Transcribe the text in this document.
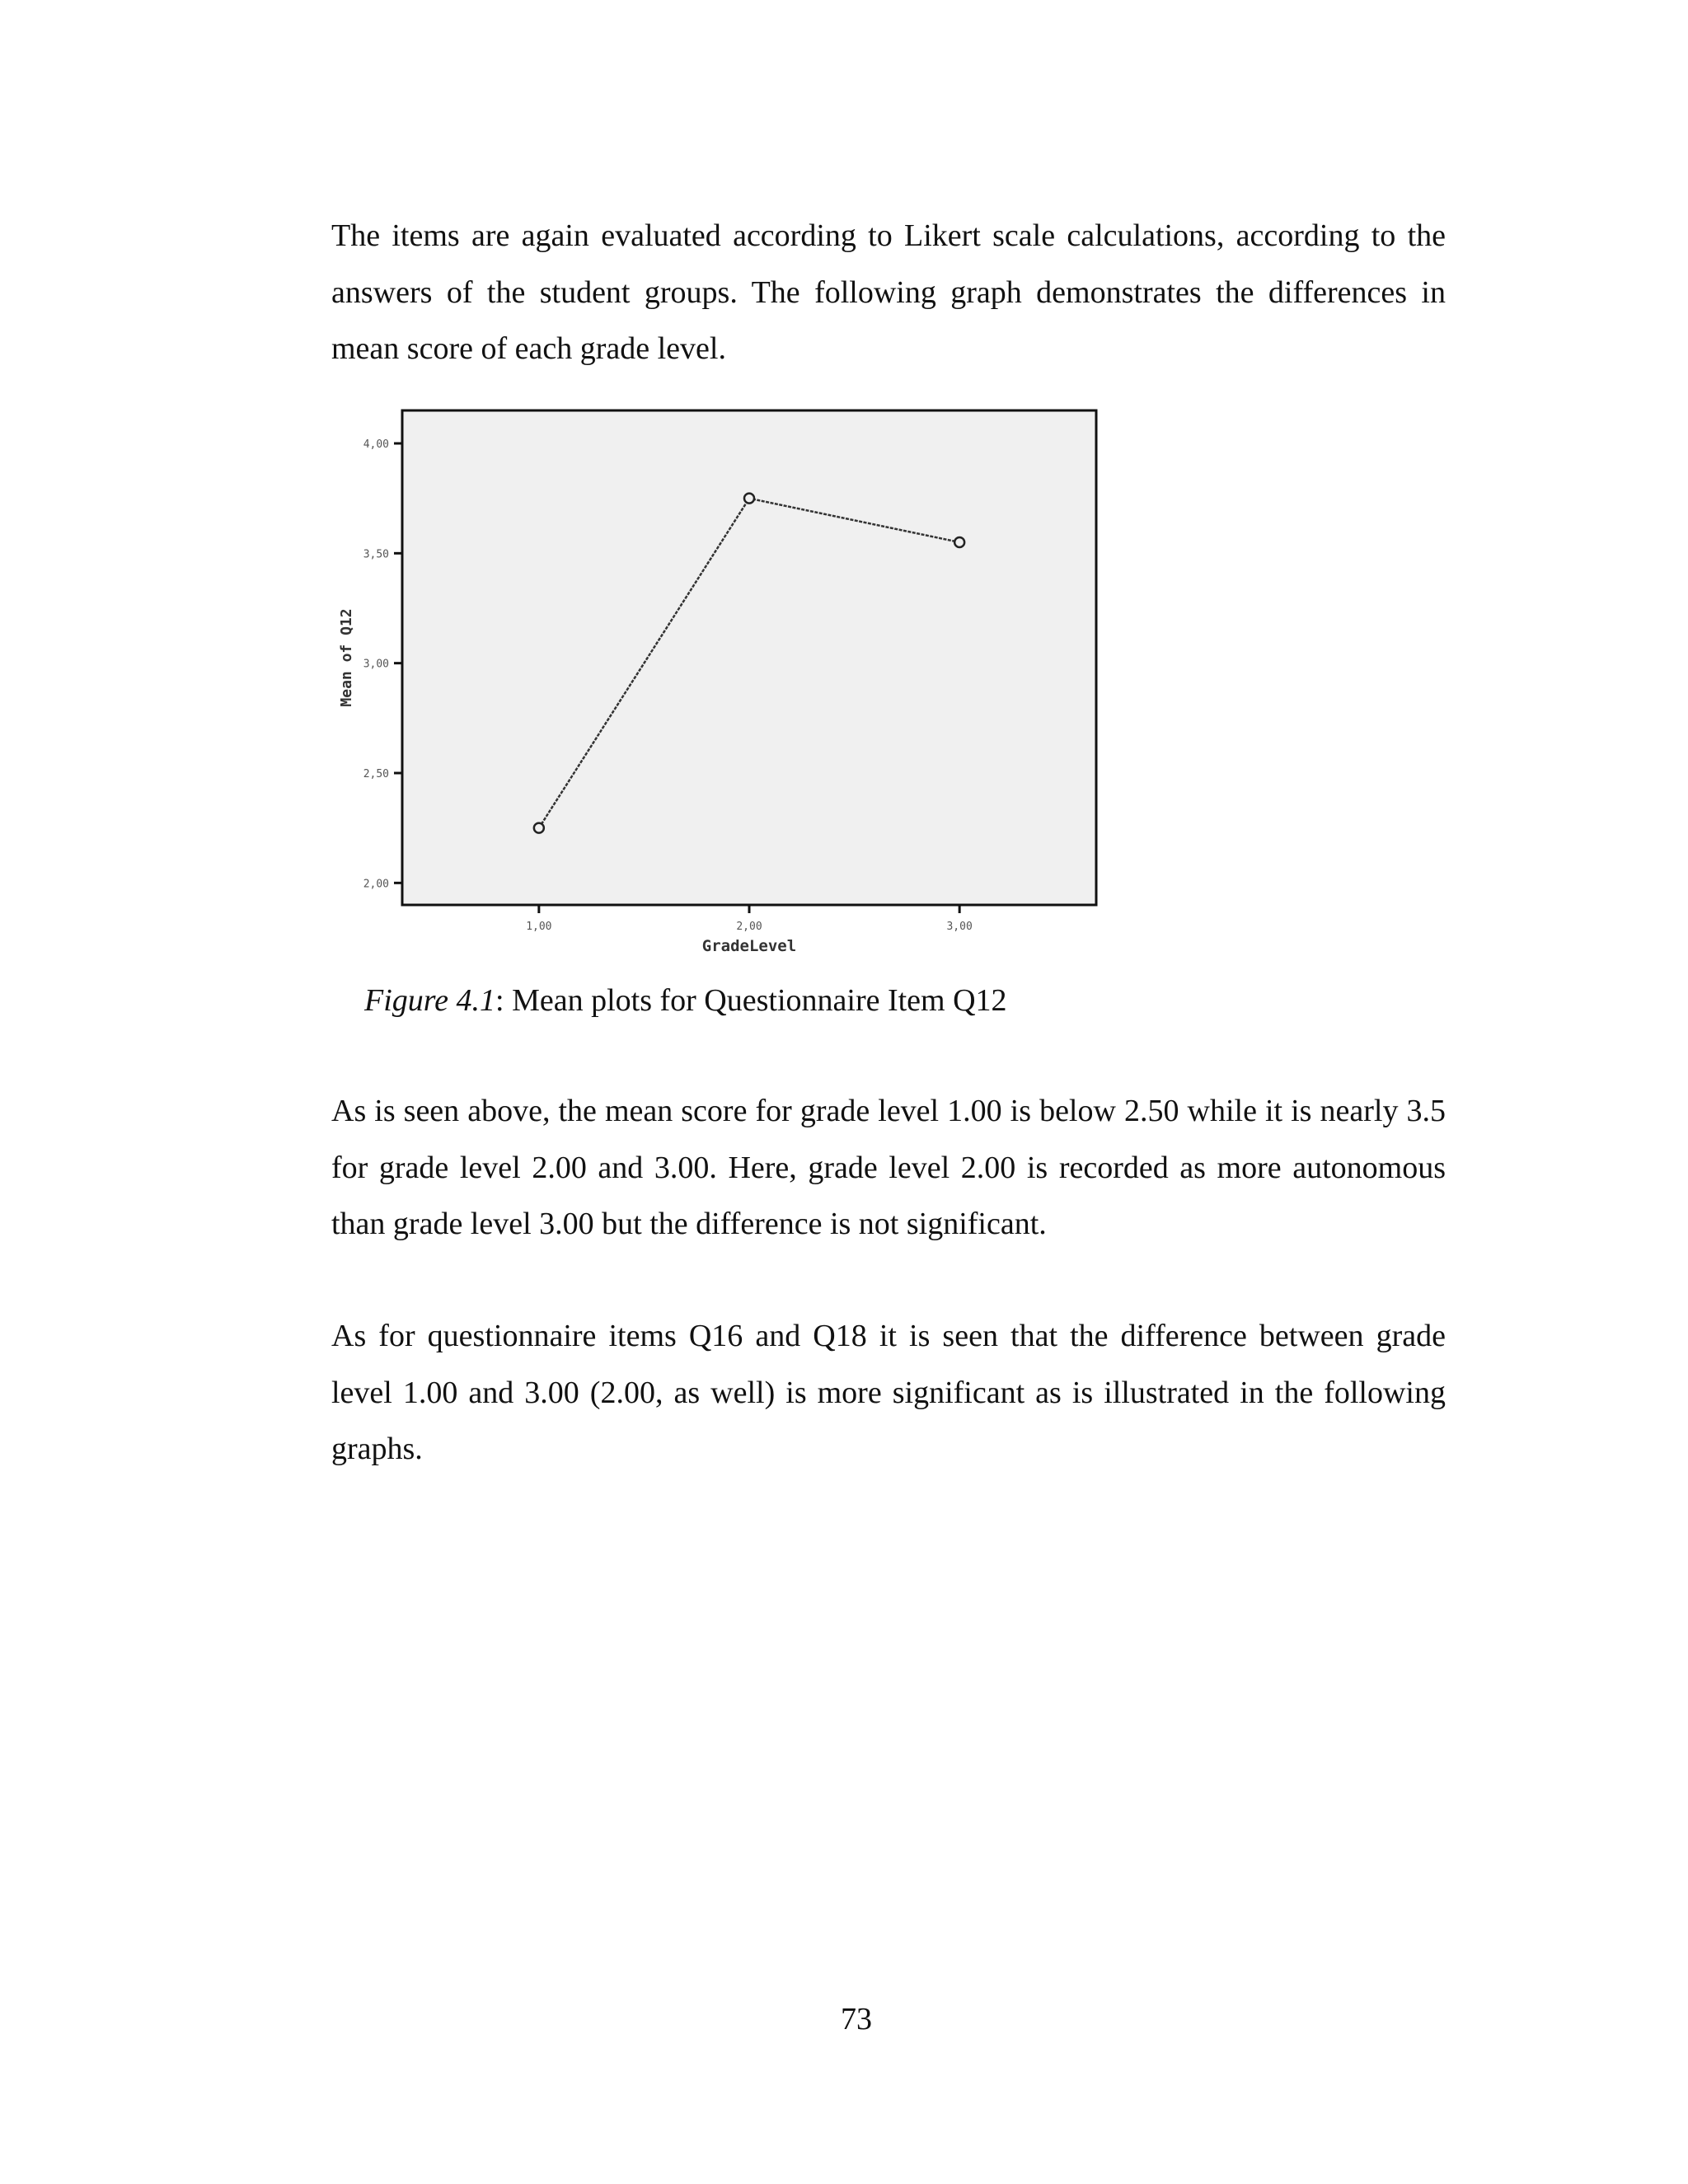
The items are again evaluated according to Likert scale calculations, according to the answers of the student groups. The following graph demonstrates the differences in mean score of each grade level.

2,00
2,50
3,00
3,50
4,00
1,00	2,00	3,00
GradeLevel
Mean of Q12

Figure 4.1: Mean plots for Questionnaire Item Q12

As is seen above, the mean score for grade level 1.00 is below 2.50 while it is nearly 3.5 for grade level 2.00 and 3.00. Here, grade level 2.00 is recorded as more autonomous than grade level 3.00 but the difference is not significant.

As for questionnaire items Q16 and Q18 it is seen that the difference between grade level 1.00 and 3.00 (2.00, as well) is more significant as is illustrated in the following graphs.

73
